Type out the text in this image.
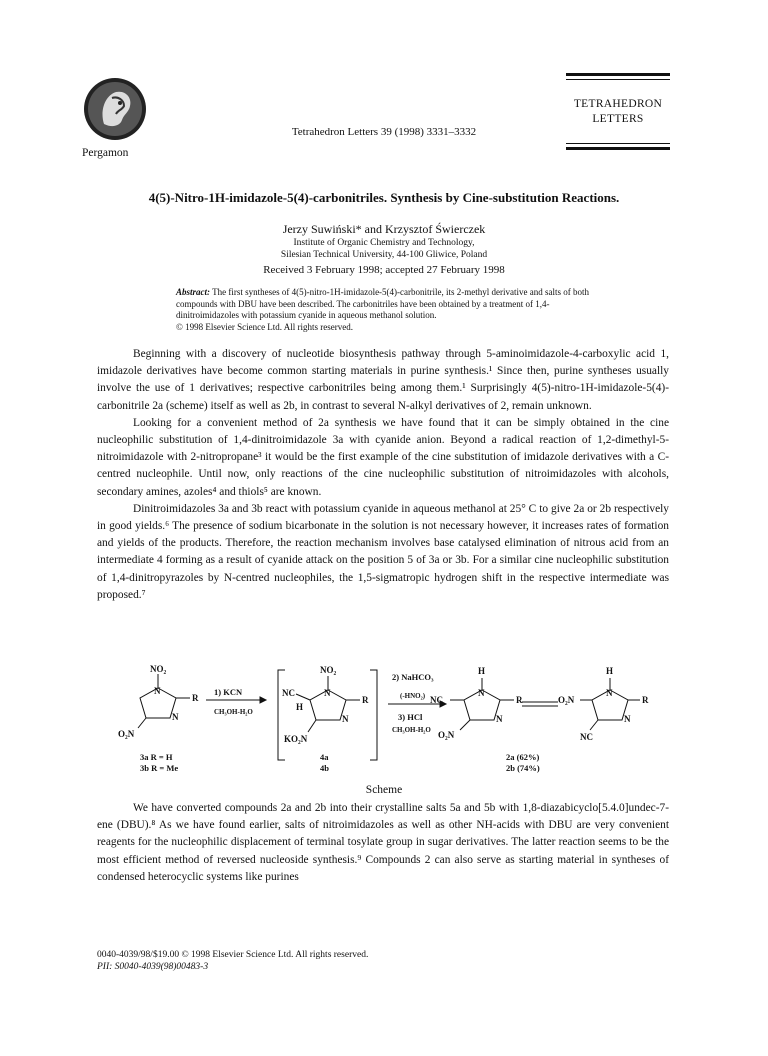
Pergamon
Tetrahedron Letters 39 (1998) 3331–3332
TETRAHEDRON
LETTERS
4(5)-Nitro-1H-imidazole-5(4)-carbonitriles. Synthesis by Cine-substitution Reactions.
Jerzy Suwiński* and Krzysztof Świerczek
Institute of Organic Chemistry and Technology,
Silesian Technical University, 44-100 Gliwice, Poland
Received 3 February 1998; accepted 27 February 1998
Abstract: The first syntheses of 4(5)-nitro-1H-imidazole-5(4)-carbonitrile, its 2-methyl derivative and salts of both compounds with DBU have been described. The carbonitriles have been obtained by a treatment of 1,4-dinitroimidazoles with potassium cyanide in aqueous methanol solution.
© 1998 Elsevier Science Ltd. All rights reserved.

Beginning with a discovery of nucleotide biosynthesis pathway through 5-aminoimidazole-4-carboxylic acid 1, imidazole derivatives have become common starting materials in purine synthesis.¹ Since then, purine syntheses usually involve the use of 1 derivatives; respective carbonitriles being among them.¹ Surprisingly 4(5)-nitro-1H-imidazole-5(4)-carbonitrile 2a (scheme) itself as well as 2b, in contrast to several N-alkyl derivatives of 2, remain unknown.

Looking for a convenient method of 2a synthesis we have found that it can be simply obtained in the cine nucleophilic substitution of 1,4-dinitroimidazole 3a with cyanide anion. Beyond a radical reaction of 1,2-dimethyl-5-nitroimidazole with 2-nitropropane³ it would be the first example of the cine substitution of imidazole derivatives with a C-centred nucleophile. Until now, only reactions of the cine nucleophilic substitution of nitroimidazoles with alcohols, secondary amines, azoles⁴ and thiols⁵ are known.

Dinitroimidazoles 3a and 3b react with potassium cyanide in aqueous methanol at 25° C to give 2a or 2b respectively in good yields.⁶ The presence of sodium bicarbonate in the solution is not necessary however, it increases rates of formation and yields of the products. Therefore, the reaction mechanism involves base catalysed elimination of nitrous acid from an intermediate 4 forming as a result of cyanide attack on the position 5 of 3a or 3b. For a similar cine nucleophilic substitution of 1,4-dinitropyrazoles by N-centred nucleophiles, the 1,5-sigmatropic hydrogen shift in the respective intermediate was proposed.⁷

NO₂
N
R
N
O₂N
NO₂
N
R
NC
H
N
KO₂N
H
N
R
NC
N
O₂N
H
N
R
O₂N
N
NC
1) KCN
CH₃OH-H₂O
2) NaHCO₃
(-HNO₂)
3) HCl
CH₃OH-H₂O
3a R = H
3b R = Me
4a
4b
2a (62%)
2b (74%)
Scheme

We have converted compounds 2a and 2b into their crystalline salts 5a and 5b with 1,8-diazabicyclo[5.4.0]undec-7-ene (DBU).⁸ As we have found earlier, salts of nitroimidazoles as well as other NH-acids with DBU are very convenient reagents for the nucleophilic displacement of terminal tosylate group in sugar derivatives. The latter reaction seems to be the most efficient method of reversed nucleoside synthesis.⁹ Compounds 2 can also serve as starting material in syntheses of condensed heterocyclic systems like purines

0040-4039/98/$19.00 © 1998 Elsevier Science Ltd. All rights reserved.
PII: S0040-4039(98)00483-3
